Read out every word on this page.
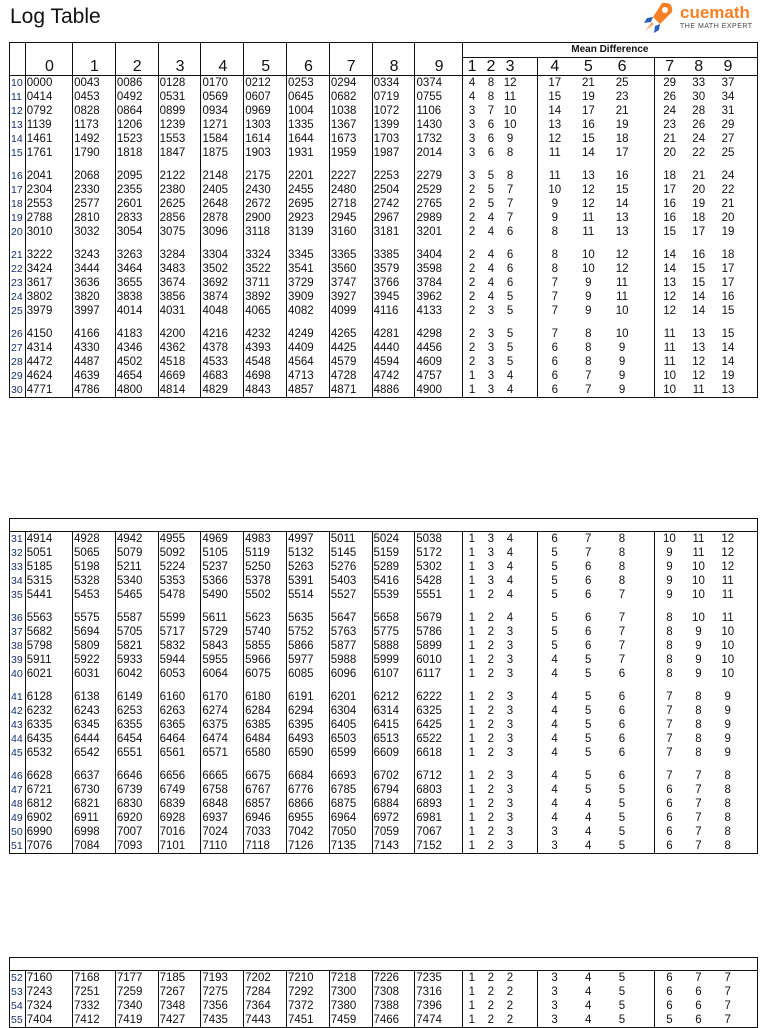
Log Table	cuemath
THE MATH EXPERT
											Mean Difference											
	0	1	2	3	4	5	6	7	8	9	1	2	3		4	5	6		7	8	9	
10	0000	0043	0086	0128	0170	0212	0253	0294	0334	0374	4	8	12		17	21	25		29	33	37	
11	0414	0453	0492	0531	0569	0607	0645	0682	0719	0755	4	8	11		15	19	23		26	30	34	
12	0792	0828	0864	0899	0934	0969	1004	1038	1072	1106	3	7	10		14	17	21		24	28	31	
13	1139	1173	1206	1239	1271	1303	1335	1367	1399	1430	3	6	10		13	16	19		23	26	29	
14	1461	1492	1523	1553	1584	1614	1644	1673	1703	1732	3	6	9		12	15	18		21	24	27	
15	1761	1790	1818	1847	1875	1903	1931	1959	1987	2014	3	6	8		11	14	17		20	22	25	

16	2041	2068	2095	2122	2148	2175	2201	2227	2253	2279	3	5	8		11	13	16		18	21	24	
17	2304	2330	2355	2380	2405	2430	2455	2480	2504	2529	2	5	7		10	12	15		17	20	22	
18	2553	2577	2601	2625	2648	2672	2695	2718	2742	2765	2	5	7		9	12	14		16	19	21	
19	2788	2810	2833	2856	2878	2900	2923	2945	2967	2989	2	4	7		9	11	13		16	18	20	
20	3010	3032	3054	3075	3096	3118	3139	3160	3181	3201	2	4	6		8	11	13		15	17	19	

21	3222	3243	3263	3284	3304	3324	3345	3365	3385	3404	2	4	6		8	10	12		14	16	18	
22	3424	3444	3464	3483	3502	3522	3541	3560	3579	3598	2	4	6		8	10	12		14	15	17	
23	3617	3636	3655	3674	3692	3711	3729	3747	3766	3784	2	4	6		7	9	11		13	15	17	
24	3802	3820	3838	3856	3874	3892	3909	3927	3945	3962	2	4	5		7	9	11		12	14	16	
25	3979	3997	4014	4031	4048	4065	4082	4099	4116	4133	2	3	5		7	9	10		12	14	15	

26	4150	4166	4183	4200	4216	4232	4249	4265	4281	4298	2	3	5		7	8	10		11	13	15	
27	4314	4330	4346	4362	4378	4393	4409	4425	4440	4456	2	3	5		6	8	9		11	13	14	
28	4472	4487	4502	4518	4533	4548	4564	4579	4594	4609	2	3	5		6	8	9		11	12	14	
29	4624	4639	4654	4669	4683	4698	4713	4728	4742	4757	1	3	4		6	7	9		10	12	19	
30	4771	4786	4800	4814	4829	4843	4857	4871	4886	4900	1	3	4		6	7	9		10	11	13	

31	4914	4928	4942	4955	4969	4983	4997	5011	5024	5038	1	3	4		6	7	8		10	11	12	
32	5051	5065	5079	5092	5105	5119	5132	5145	5159	5172	1	3	4		5	7	8		9	11	12	
33	5185	5198	5211	5224	5237	5250	5263	5276	5289	5302	1	3	4		5	6	8		9	10	12	
34	5315	5328	5340	5353	5366	5378	5391	5403	5416	5428	1	3	4		5	6	8		9	10	11	
35	5441	5453	5465	5478	5490	5502	5514	5527	5539	5551	1	2	4		5	6	7		9	10	11	

36	5563	5575	5587	5599	5611	5623	5635	5647	5658	5679	1	2	4		5	6	7		8	10	11	
37	5682	5694	5705	5717	5729	5740	5752	5763	5775	5786	1	2	3		5	6	7		8	9	10	
38	5798	5809	5821	5832	5843	5855	5866	5877	5888	5899	1	2	3		5	6	7		8	9	10	
39	5911	5922	5933	5944	5955	5966	5977	5988	5999	6010	1	2	3		4	5	7		8	9	10	
40	6021	6031	6042	6053	6064	6075	6085	6096	6107	6117	1	2	3		4	5	6		8	9	10	

41	6128	6138	6149	6160	6170	6180	6191	6201	6212	6222	1	2	3		4	5	6		7	8	9	
42	6232	6243	6253	6263	6274	6284	6294	6304	6314	6325	1	2	3		4	5	6		7	8	9	
43	6335	6345	6355	6365	6375	6385	6395	6405	6415	6425	1	2	3		4	5	6		7	8	9	
44	6435	6444	6454	6464	6474	6484	6493	6503	6513	6522	1	2	3		4	5	6		7	8	9	
45	6532	6542	6551	6561	6571	6580	6590	6599	6609	6618	1	2	3		4	5	6		7	8	9	

46	6628	6637	6646	6656	6665	6675	6684	6693	6702	6712	1	2	3		4	5	6		7	7	8	
47	6721	6730	6739	6749	6758	6767	6776	6785	6794	6803	1	2	3		4	5	5		6	7	8	
48	6812	6821	6830	6839	6848	6857	6866	6875	6884	6893	1	2	3		4	4	5		6	7	8	
49	6902	6911	6920	6928	6937	6946	6955	6964	6972	6981	1	2	3		4	4	5		6	7	8	
50	6990	6998	7007	7016	7024	7033	7042	7050	7059	7067	1	2	3		3	4	5		6	7	8	
51	7076	7084	7093	7101	7110	7118	7126	7135	7143	7152	1	2	3		3	4	5		6	7	8	

52	7160	7168	7177	7185	7193	7202	7210	7218	7226	7235	1	2	2		3	4	5		6	7	7	
53	7243	7251	7259	7267	7275	7284	7292	7300	7308	7316	1	2	2		3	4	5		6	6	7	
54	7324	7332	7340	7348	7356	7364	7372	7380	7388	7396	1	2	2		3	4	5		6	6	7	
55	7404	7412	7419	7427	7435	7443	7451	7459	7466	7474	1	2	2		3	4	5		5	6	7	
